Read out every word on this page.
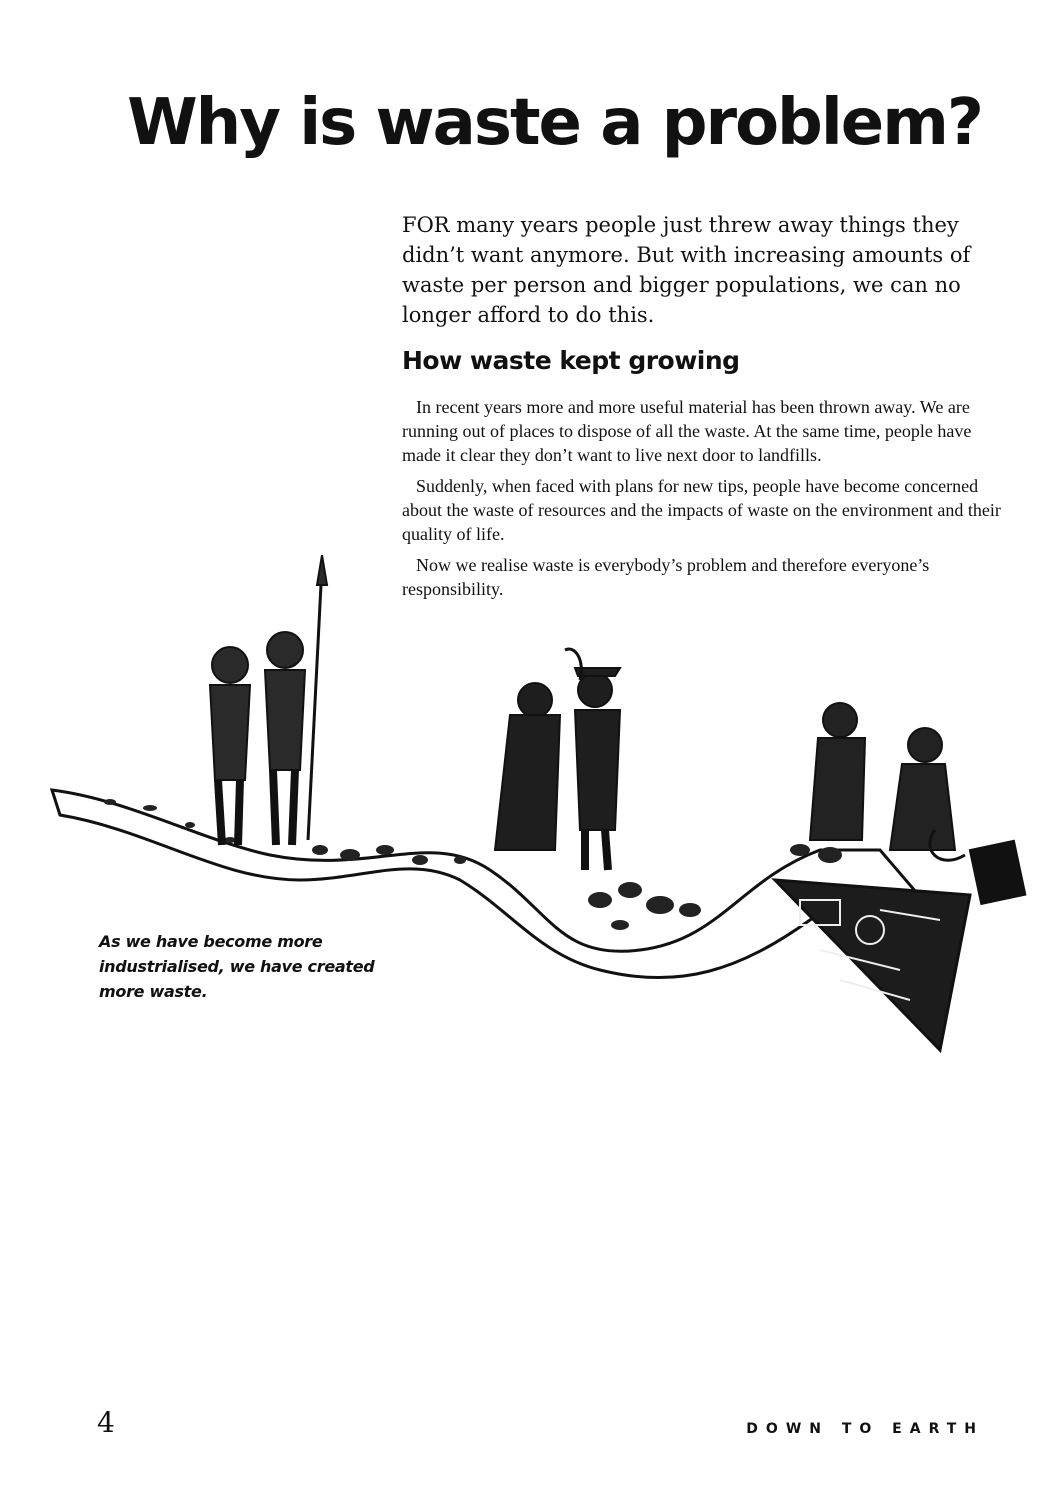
Why is waste a problem?

FOR many years people just threw away things they didn’t want anymore. But with increasing amounts of waste per person and bigger populations, we can no longer afford to do this.

How waste kept growing

In recent years more and more useful material has been thrown away. We are running out of places to dispose of all the waste. At the same time, people have made it clear they don’t want to live next door to landfills.

Suddenly, when faced with plans for new tips, people have become concerned about the waste of resources and the impacts of waste on the environment and their quality of life.

Now we realise waste is everybody’s problem and therefore everyone’s responsibility.

As we have become more industrialised, we have created more waste.

4	DOWN TO EARTH
